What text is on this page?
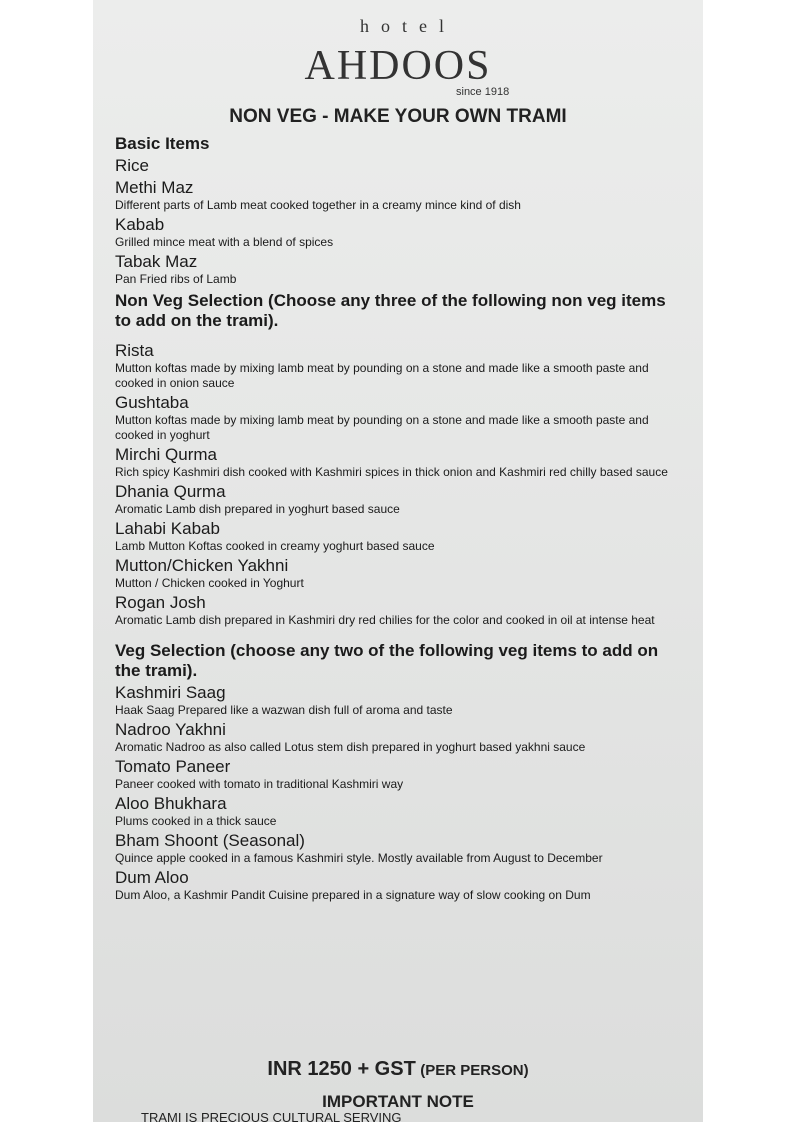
hotel
AHDOOS
since 1918
NON VEG - MAKE YOUR OWN TRAMI
Basic Items
Rice
Methi Maz
Different parts of Lamb meat cooked together in a creamy mince kind of dish
Kabab
Grilled mince meat with a blend of spices
Tabak Maz
Pan Fried ribs of Lamb
Non Veg Selection (Choose any three of the following non veg items to add on the trami).
Rista
Mutton koftas made by mixing lamb meat by pounding on a stone and made like a smooth paste and cooked in onion sauce
Gushtaba
Mutton koftas made by mixing lamb meat by pounding on a stone and made like a smooth paste and cooked in yoghurt
Mirchi Qurma
Rich spicy Kashmiri dish cooked with Kashmiri spices in thick onion and Kashmiri red chilly based sauce
Dhania Qurma
Aromatic Lamb dish prepared in yoghurt based sauce
Lahabi Kabab
Lamb Mutton Koftas cooked in creamy yoghurt based sauce
Mutton/Chicken Yakhni
Mutton / Chicken cooked in Yoghurt
Rogan Josh
Aromatic Lamb dish prepared in Kashmiri dry red chilies for the color and cooked in oil at intense heat
Veg Selection (choose any two of the following veg items to add on the trami).
Kashmiri Saag
Haak Saag Prepared like a wazwan dish full of aroma and taste
Nadroo Yakhni
Aromatic Nadroo as also called Lotus stem dish prepared in yoghurt based yakhni sauce
Tomato Paneer
Paneer cooked with tomato in traditional Kashmiri way
Aloo Bhukhara
Plums cooked in a thick sauce
Bham Shoont (Seasonal)
Quince apple cooked in a famous Kashmiri style. Mostly available from August to December
Dum Aloo
Dum Aloo, a Kashmir Pandit Cuisine prepared in a signature way of slow cooking on Dum
INR 1250 + GST (PER PERSON)
IMPORTANT NOTE
TRAMI IS PRECIOUS CULTURAL SERVING
